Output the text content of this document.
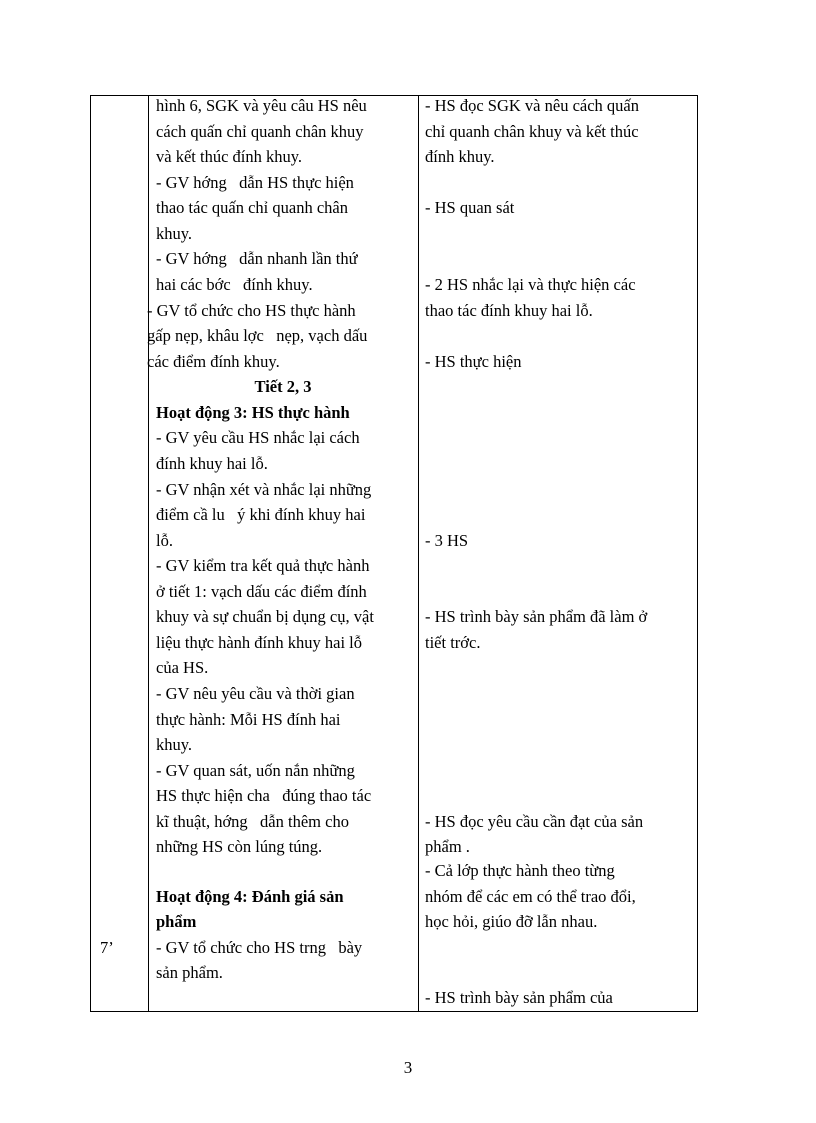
7’
hình 6, SGK và yêu câu HS nêu
cách quấn chỉ quanh chân khuy
và kết thúc đính khuy.
- GV hớng   dẫn HS thực hiện
thao tác quấn chỉ quanh chân
khuy.
- GV hớng   dẫn nhanh lần thứ
hai các bớc   đính khuy.
- GV tổ chức cho HS thực hành
gấp nẹp, khâu lợc   nẹp, vạch dấu
các điểm đính khuy.
Tiết 2, 3
Hoạt động 3: HS thực hành
- GV yêu cầu HS nhắc lại cách
đính khuy hai lỗ.
- GV nhận xét và nhắc lại những
điểm cầ lu   ý khi đính khuy hai
lỗ.
- GV kiểm tra kết quả thực hành
ở tiết 1: vạch dấu các điểm đính
khuy và sự chuẩn bị dụng cụ, vật
liệu thực hành đính khuy hai lỗ
của HS.
- GV nêu yêu cầu và thời gian
thực hành: Mỗi HS đính hai
khuy.
- GV quan sát, uốn nắn những
HS thực hiện cha   đúng thao tác
kĩ thuật, hớng   dẫn thêm cho
những HS còn lúng túng.
Hoạt động 4: Đánh giá sản
phẩm
- GV tổ chức cho HS trng   bày
sản phẩm.
- HS đọc SGK và nêu cách quấn
chỉ quanh chân khuy và kết thúc
đính khuy.
- HS quan sát
- 2 HS nhắc lại và thực hiện các
thao tác đính khuy hai lỗ.
- HS thực hiện
- 3 HS
- HS trình bày sản phẩm đã làm ở
tiết trớc.
- HS đọc yêu cầu cần đạt của sản
phẩm .
- Cả lớp thực hành theo từng
nhóm để các em có thể trao đổi,
học hỏi, giúo đỡ lẫn nhau.
- HS trình bày sản phẩm của
3
